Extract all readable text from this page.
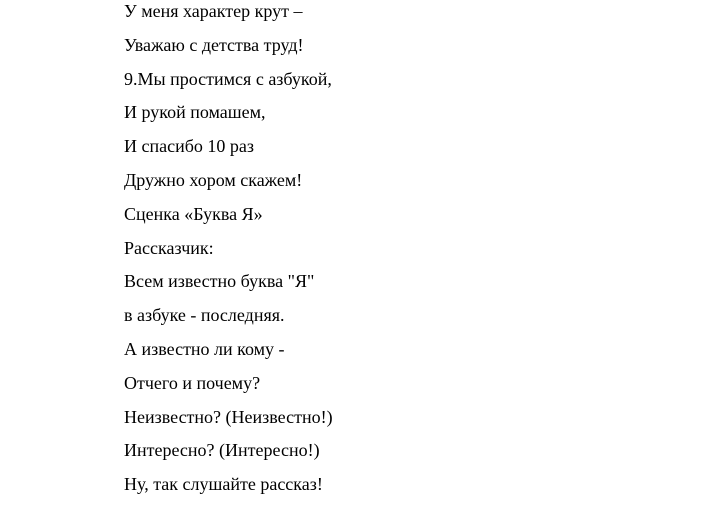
У меня характер крут –
Уважаю с детства труд!
9.Мы простимся с азбукой,
И рукой помашем,
И спасибо 10 раз
Дружно хором скажем!
Сценка «Буква Я»
Рассказчик:
Всем известно буква "Я"
в азбуке - последняя.
А известно ли кому -
Отчего и почему?
Неизвестно? (Неизвестно!)
Интересно? (Интересно!)
Ну, так слушайте рассказ!
